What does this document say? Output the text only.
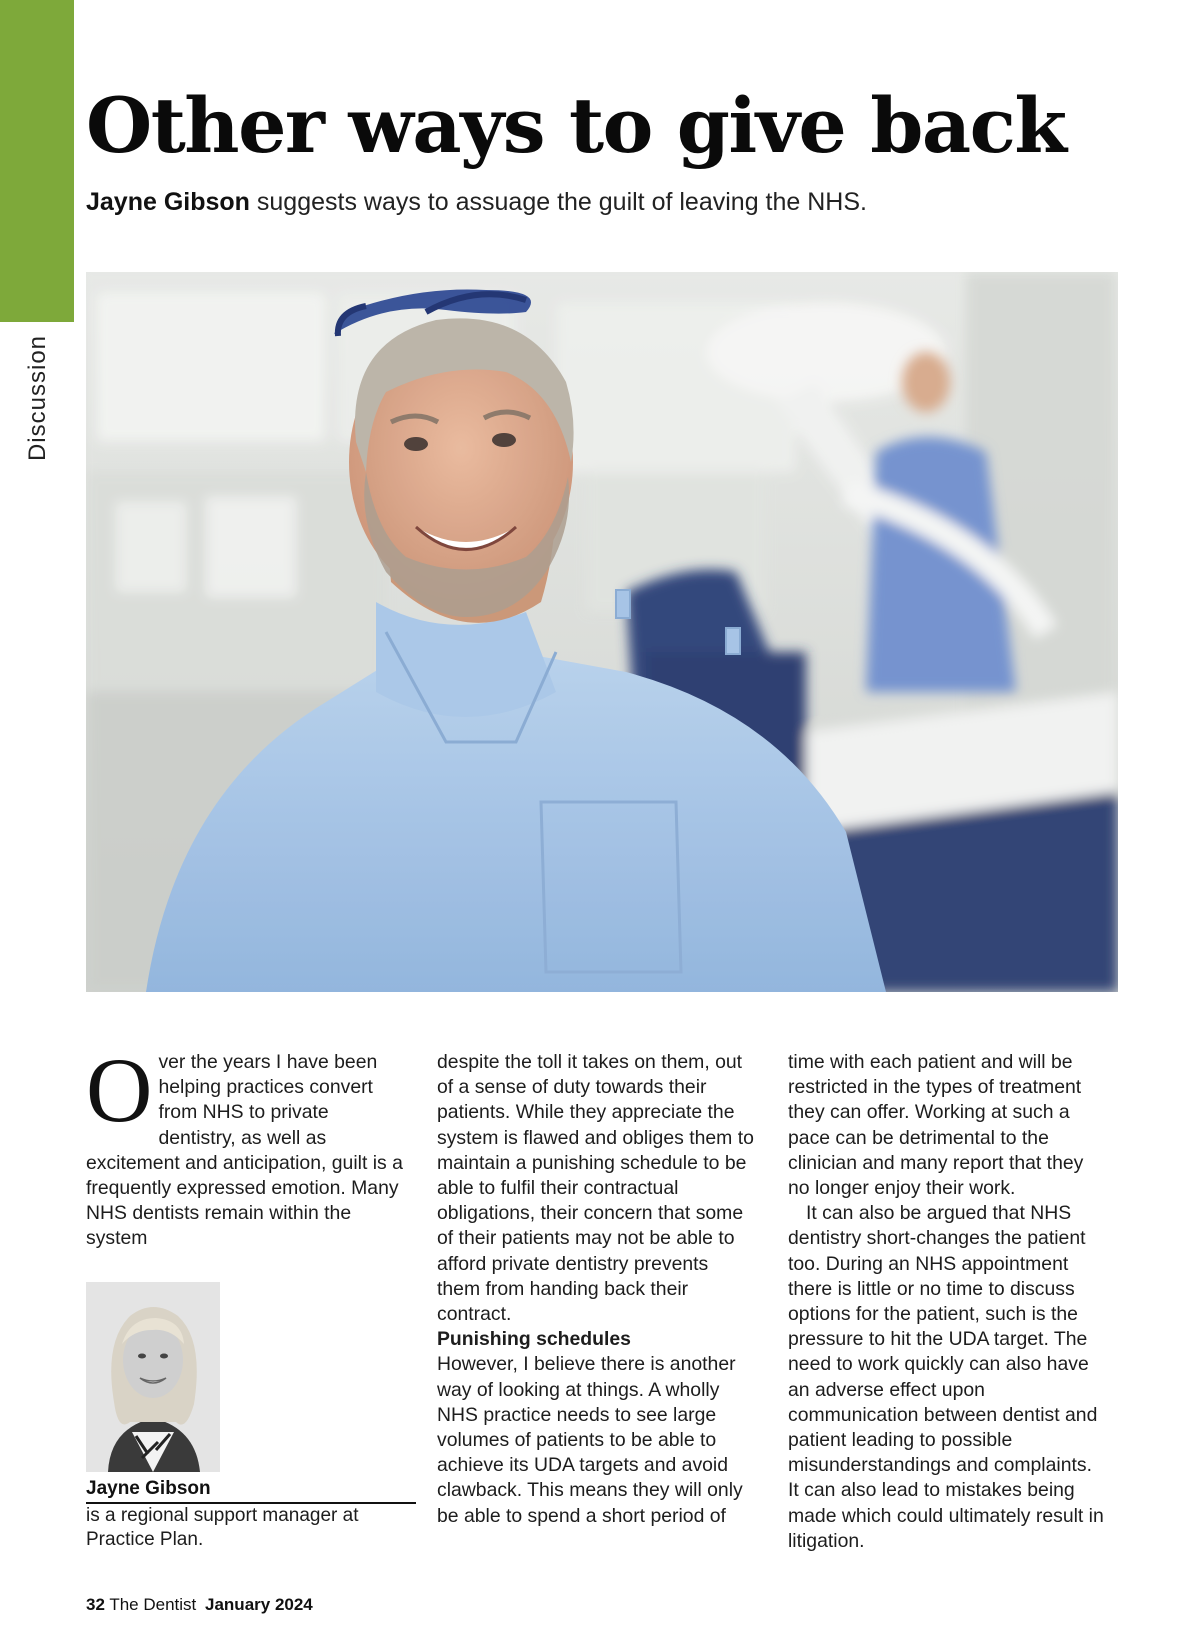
Discussion
Other ways to give back
Jayne Gibson suggests ways to assuage the guilt of leaving the NHS.
O ver the years I have been helping practices convert from NHS to private dentistry, as well as excitement and anticipation, guilt is a frequently expressed emotion. Many NHS dentists remain within the system

Jayne Gibson
is a regional support manager at Practice Plan.

despite the toll it takes on them, out of a sense of duty towards their patients. While they appreciate the system is flawed and obliges them to maintain a punishing schedule to be able to fulfil their contractual obligations, their concern that some of their patients may not be able to afford private dentistry prevents them from handing back their contract.

Punishing schedules

However, I believe there is another way of looking at things. A wholly NHS practice needs to see large volumes of patients to be able to achieve its UDA targets and avoid clawback. This means they will only be able to spend a short period of

time with each patient and will be restricted in the types of treatment they can offer. Working at such a pace can be detrimental to the clinician and many report that they no longer enjoy their work.

It can also be argued that NHS dentistry short-changes the patient too. During an NHS appointment there is little or no time to discuss options for the patient, such is the pressure to hit the UDA target. The need to work quickly can also have an adverse effect upon communication between dentist and patient leading to possible misunderstandings and complaints. It can also lead to mistakes being made which could ultimately result in litigation.

32 The Dentist January 2024
